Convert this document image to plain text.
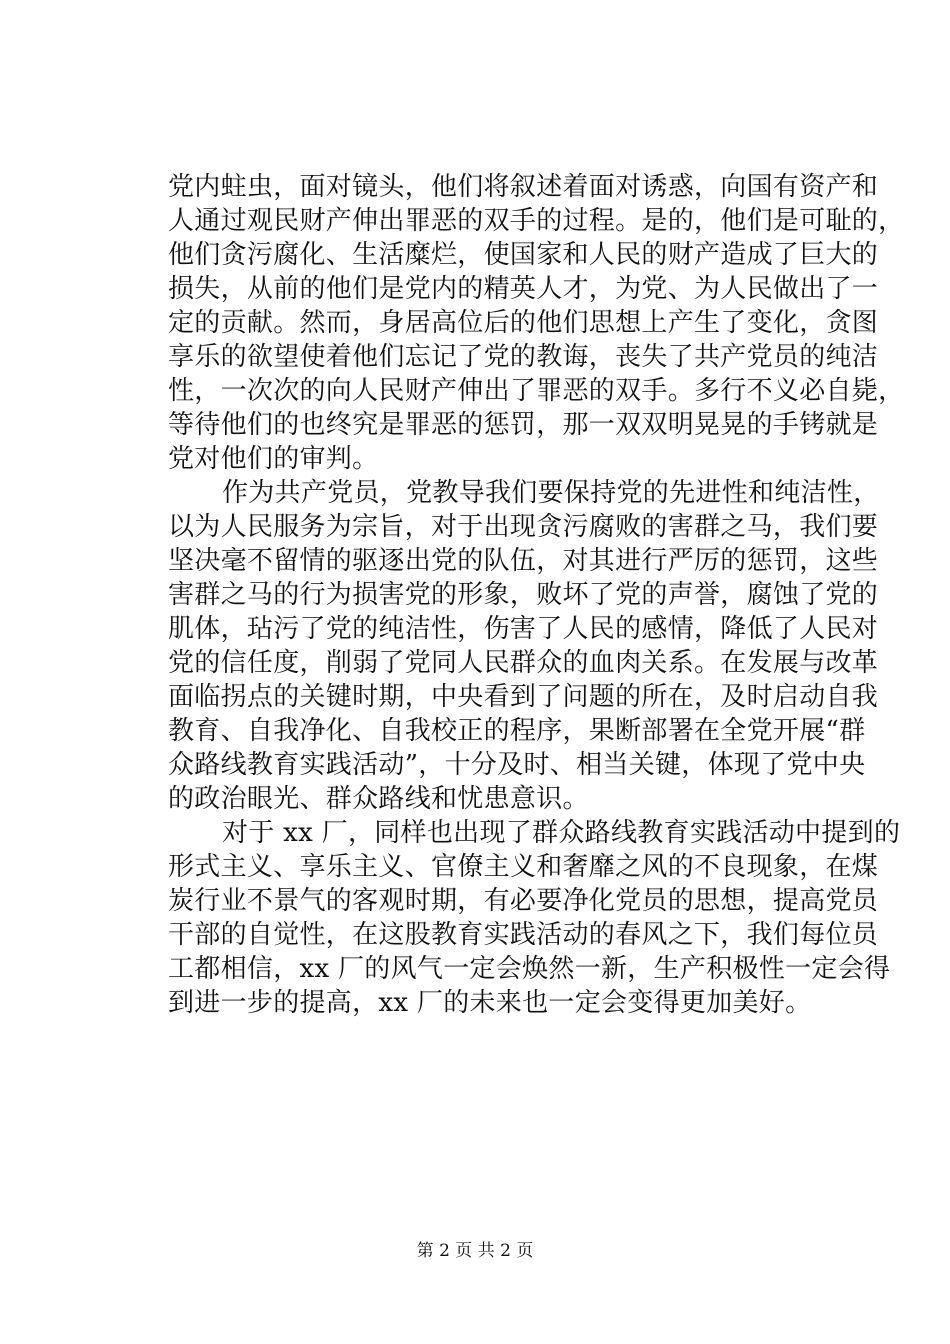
党内蛀虫，面对镜头，他们将叙述着面对诱惑，向国有资产和
人通过观民财产伸出罪恶的双手的过程。是的，他们是可耻的，
他们贪污腐化、生活糜烂，使国家和人民的财产造成了巨大的
损失，从前的他们是党内的精英人才，为党、为人民做出了一
定的贡献。然而，身居高位后的他们思想上产生了变化，贪图
享乐的欲望使着他们忘记了党的教诲，丧失了共产党员的纯洁
性，一次次的向人民财产伸出了罪恶的双手。多行不义必自毙，
等待他们的也终究是罪恶的惩罚，那一双双明晃晃的手铐就是
党对他们的审判。
作为共产党员，党教导我们要保持党的先进性和纯洁性，
以为人民服务为宗旨，对于出现贪污腐败的害群之马，我们要
坚决毫不留情的驱逐出党的队伍，对其进行严厉的惩罚，这些
害群之马的行为损害党的形象，败坏了党的声誉，腐蚀了党的
肌体，玷污了党的纯洁性，伤害了人民的感情，降低了人民对
党的信任度，削弱了党同人民群众的血肉关系。在发展与改革
面临拐点的关键时期，中央看到了问题的所在，及时启动自我
教育、自我净化、自我校正的程序，果断部署在全党开展“群
众路线教育实践活动”，十分及时、相当关键，体现了党中央
的政治眼光、群众路线和忧患意识。
对于 xx 厂，同样也出现了群众路线教育实践活动中提到的
形式主义、享乐主义、官僚主义和奢靡之风的不良现象，在煤
炭行业不景气的客观时期，有必要净化党员的思想，提高党员
干部的自觉性，在这股教育实践活动的春风之下，我们每位员
工都相信，xx 厂的风气一定会焕然一新，生产积极性一定会得
到进一步的提高，xx 厂的未来也一定会变得更加美好。
第 2 页 共 2 页
